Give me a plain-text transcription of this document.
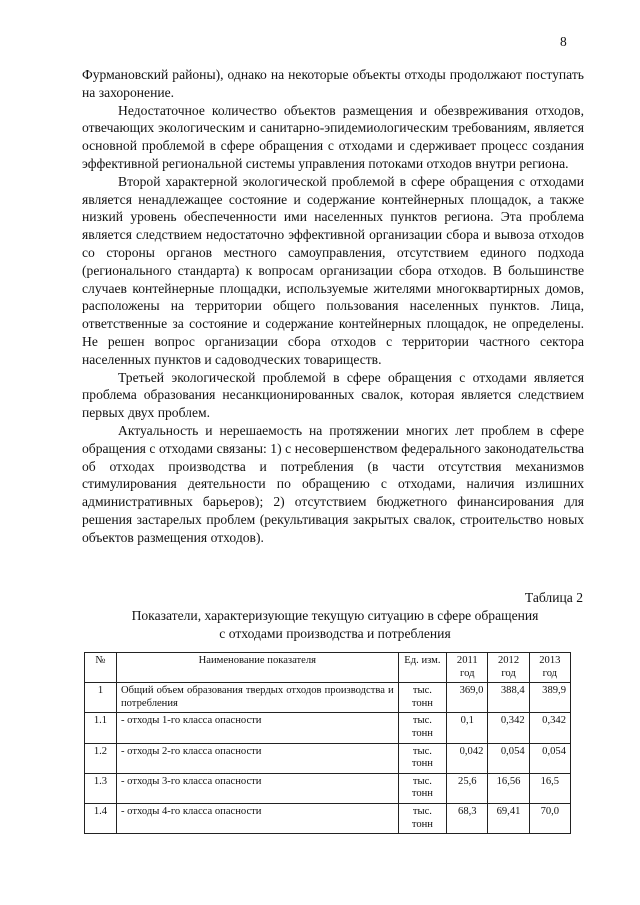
8

Фурмановский районы), однако на некоторые объекты отходы продолжают поступать на захоронение.

Недостаточное количество объектов размещения и обезвреживания отходов, отвечающих экологическим и санитарно-эпидемиологическим требованиям, является основной проблемой в сфере обращения с отходами и сдерживает процесс создания эффективной региональной системы управления потоками отходов внутри региона.

Второй характерной экологической проблемой в сфере обращения с отходами является ненадлежащее состояние и содержание контейнерных площадок, а также низкий уровень обеспеченности ими населенных пунктов региона. Эта проблема является следствием недостаточно эффективной организации сбора и вывоза отходов со стороны органов местного самоуправления, отсутствием единого подхода (регионального стандарта) к вопросам организации сбора отходов. В большинстве случаев контейнерные площадки, используемые жителями многоквартирных домов, расположены на территории общего пользования населенных пунктов. Лица, ответственные за состояние и содержание контейнерных площадок, не определены. Не решен вопрос организации сбора отходов с территории частного сектора населенных пунктов и садоводческих товариществ.

Третьей экологической проблемой в сфере обращения с отходами является проблема образования несанкционированных свалок, которая является следствием первых двух проблем.

Актуальность и нерешаемость на протяжении многих лет проблем в сфере обращения с отходами связаны: 1) с несовершенством федерального законодательства об отходах производства и потребления (в части отсутствия механизмов стимулирования деятельности по обращению с отходами, наличия излишних административных барьеров); 2) отсутствием бюджетного финансирования для решения застарелых проблем (рекультивация закрытых свалок, строительство новых объектов размещения отходов).

Таблица 2
Показатели, характеризующие текущую ситуацию в сфере обращения с отходами производства и потребления
№	Наименование показателя	Ед. изм.	2011 год	2012 год	2013 год
1	Общий объем образования твердых отходов производства и потребления	тыс. тонн	369,0	388,4	389,9
1.1	- отходы 1-го класса опасности	тыс. тонн	0,1	0,342	0,342
1.2	- отходы 2-го класса опасности	тыс. тонн	0,042	0,054	0,054
1.3	- отходы 3-го класса опасности	тыс. тонн	25,6	16,56	16,5
1.4	- отходы 4-го класса опасности	тыс. тонн	68,3	69,41	70,0
